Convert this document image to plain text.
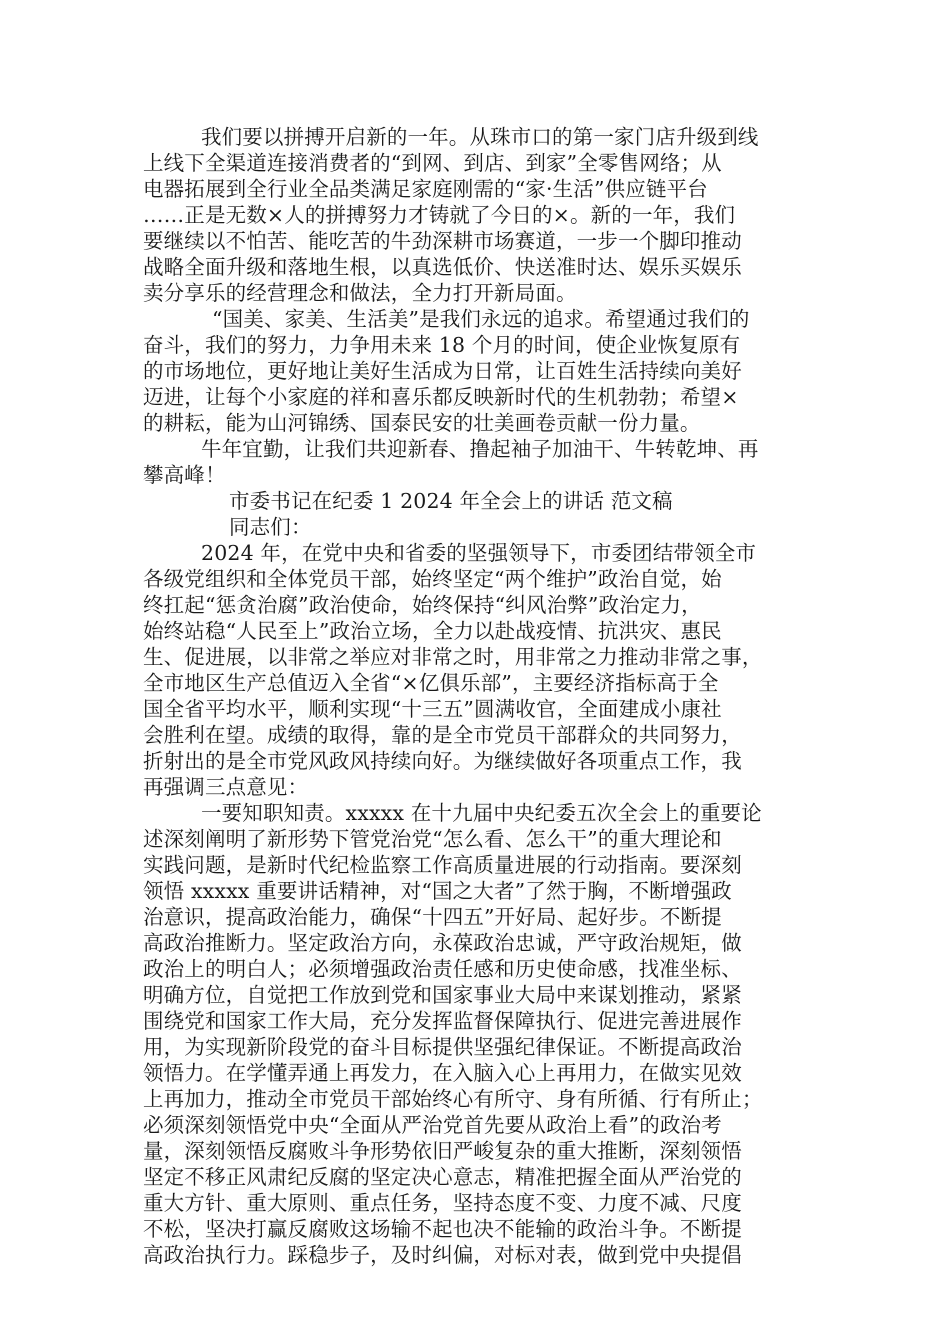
我们要以拼搏开启新的一年。从珠市口的第一家门店升级到线
上线下全渠道连接消费者的“到网、到店、到家”全零售网络；从
电器拓展到全行业全品类满足家庭刚需的“家·生活”供应链平台
……正是无数×人的拼搏努力才铸就了今日的×。新的一年，我们
要继续以不怕苦、能吃苦的牛劲深耕市场赛道，一步一个脚印推动
战略全面升级和落地生根，以真选低价、快送准时达、娱乐买娱乐
卖分享乐的经营理念和做法，全力打开新局面。
“国美、家美、生活美”是我们永远的追求。希望通过我们的
奋斗，我们的努力，力争用未来 18 个月的时间，使企业恢复原有
的市场地位，更好地让美好生活成为日常，让百姓生活持续向美好
迈进，让每个小家庭的祥和喜乐都反映新时代的生机勃勃；希望×
的耕耘，能为山河锦绣、国泰民安的壮美画卷贡献一份力量。
牛年宜勤，让我们共迎新春、撸起袖子加油干、牛转乾坤、再
攀高峰！
市委书记在纪委 1 2024 年全会上的讲话 范文稿
同志们：
2024 年，在党中央和省委的坚强领导下，市委团结带领全市
各级党组织和全体党员干部，始终坚定“两个维护”政治自觉，始
终扛起“惩贪治腐”政治使命，始终保持“纠风治弊”政治定力，
始终站稳“人民至上”政治立场，全力以赴战疫情、抗洪灾、惠民
生、促进展，以非常之举应对非常之时，用非常之力推动非常之事，
全市地区生产总值迈入全省“×亿俱乐部”，主要经济指标高于全
国全省平均水平，顺利实现“十三五”圆满收官，全面建成小康社
会胜利在望。成绩的取得，靠的是全市党员干部群众的共同努力，
折射出的是全市党风政风持续向好。为继续做好各项重点工作，我
再强调三点意见：
一要知职知责。xxxxx 在十九届中央纪委五次全会上的重要论
述深刻阐明了新形势下管党治党“怎么看、怎么干”的重大理论和
实践问题，是新时代纪检监察工作高质量进展的行动指南。要深刻
领悟 xxxxx 重要讲话精神，对“国之大者”了然于胸，不断增强政
治意识，提高政治能力，确保“十四五”开好局、起好步。不断提
高政治推断力。坚定政治方向，永葆政治忠诚，严守政治规矩，做
政治上的明白人；必须增强政治责任感和历史使命感，找准坐标、
明确方位，自觉把工作放到党和国家事业大局中来谋划推动，紧紧
围绕党和国家工作大局，充分发挥监督保障执行、促进完善进展作
用，为实现新阶段党的奋斗目标提供坚强纪律保证。不断提高政治
领悟力。在学懂弄通上再发力，在入脑入心上再用力，在做实见效
上再加力，推动全市党员干部始终心有所守、身有所循、行有所止；
必须深刻领悟党中央“全面从严治党首先要从政治上看”的政治考
量，深刻领悟反腐败斗争形势依旧严峻复杂的重大推断，深刻领悟
坚定不移正风肃纪反腐的坚定决心意志，精准把握全面从严治党的
重大方针、重大原则、重点任务，坚持态度不变、力度不减、尺度
不松，坚决打赢反腐败这场输不起也决不能输的政治斗争。不断提
高政治执行力。踩稳步子，及时纠偏，对标对表，做到党中央提倡
